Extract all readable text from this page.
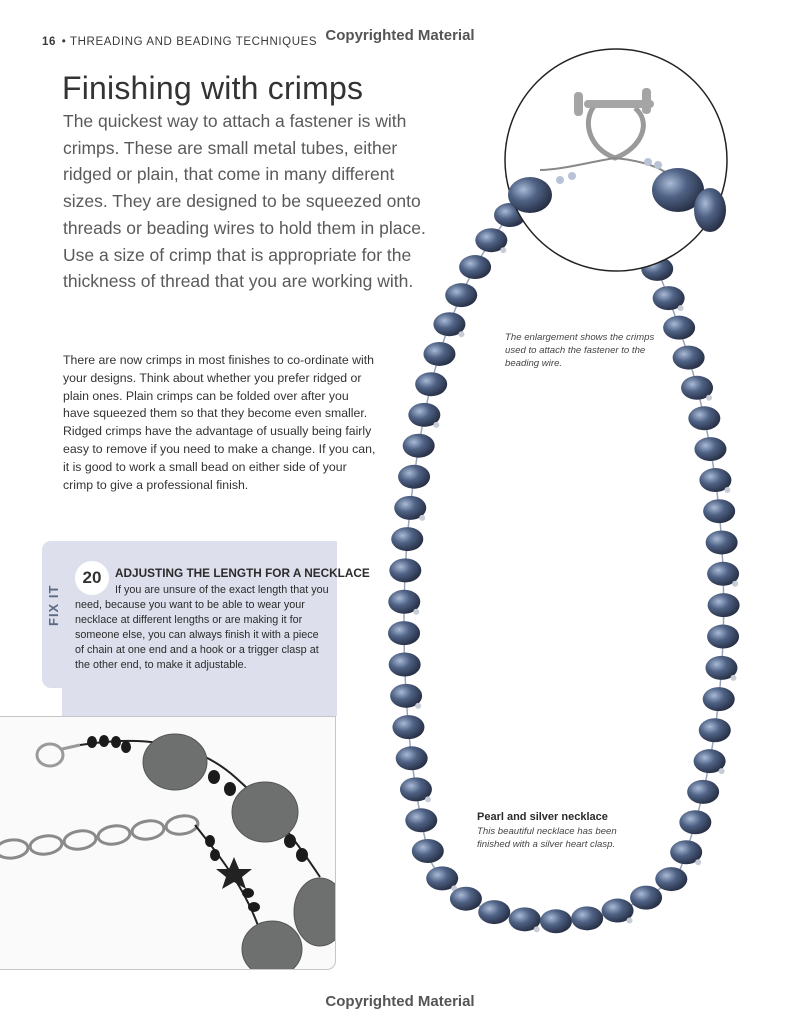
16 • THREADING AND BEADING TECHNIQUES Copyrighted Material
Finishing with crimps

The quickest way to attach a fastener is with crimps. These are small metal tubes, either ridged or plain, that come in many different sizes. They are designed to be squeezed onto threads or beading wires to hold them in place. Use a size of crimp that is appropriate for the thickness of thread that you are working with.

There are now crimps in most finishes to co-ordinate with your designs. Think about whether you prefer ridged or plain ones. Plain crimps can be folded over after you have squeezed them so that they become even smaller. Ridged crimps have the advantage of usually being fairly easy to remove if you need to make a change. If you can, it is good to work a small bead on either side of your crimp to give a professional finish.

FIX IT
20	ADJUSTING THE LENGTH FOR A NECKLACE

If you are unsure of the exact length that you need, because you want to be able to wear your necklace at different lengths or are making it for someone else, you can always finish it with a piece of chain at one end and a hook or a trigger clasp at the other end, to make it adjustable.

The enlargement shows the crimps used to attach the fastener to the beading wire.

Pearl and silver necklace

This beautiful necklace has been finished with a silver heart clasp.

Copyrighted Material
